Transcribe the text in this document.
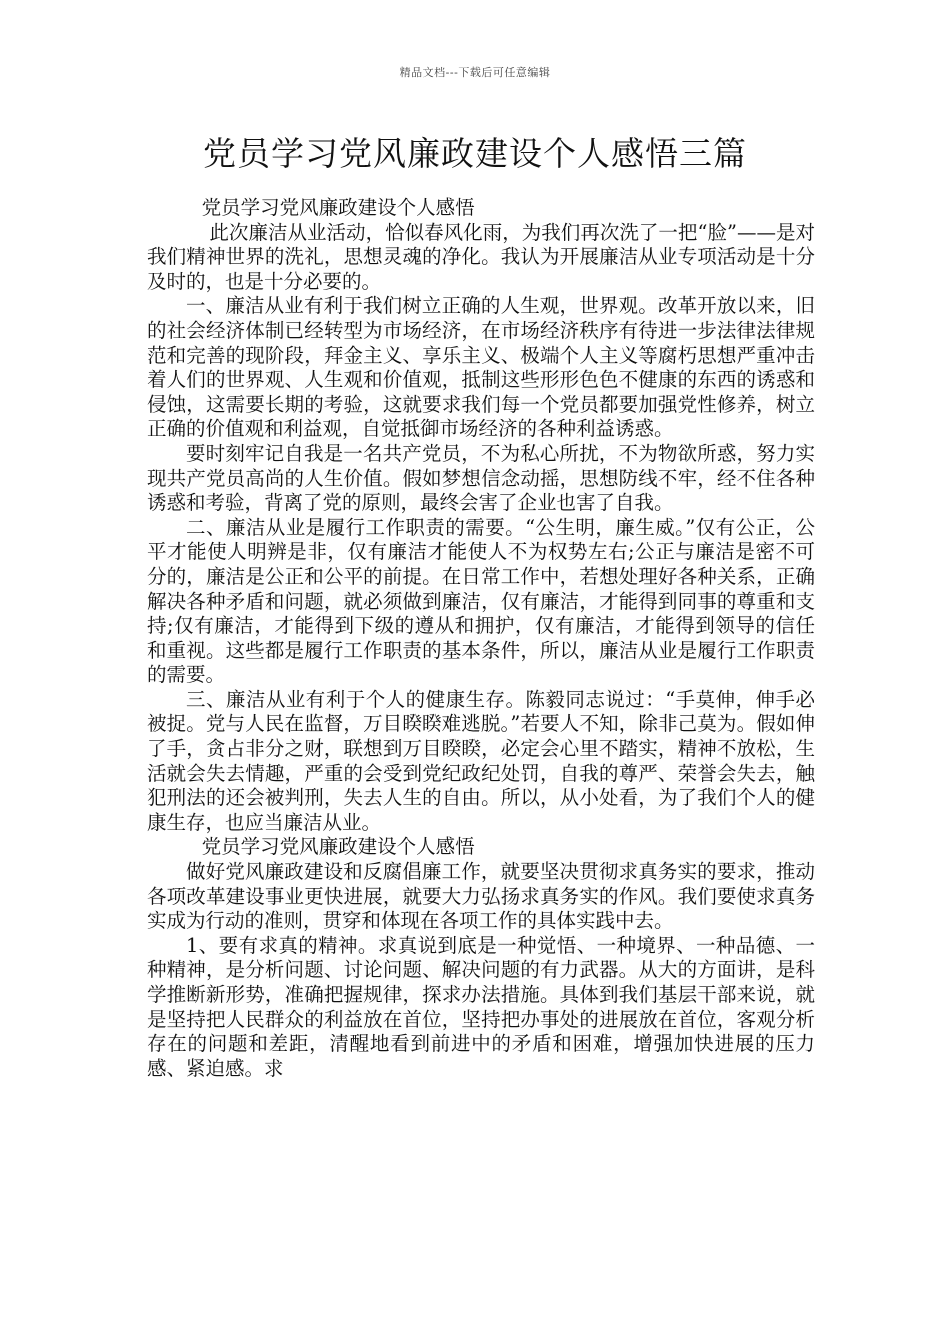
精品文档---下载后可任意编辑
党员学习党风廉政建设个人感悟三篇

党员学习党风廉政建设个人感悟

此次廉洁从业活动，恰似春风化雨，为我们再次洗了一把“脸”——是对我们精神世界的洗礼，思想灵魂的净化。我认为开展廉洁从业专项活动是十分及时的，也是十分必要的。

一、廉洁从业有利于我们树立正确的人生观，世界观。改革开放以来，旧的社会经济体制已经转型为市场经济，在市场经济秩序有待进一步法律法律规范和完善的现阶段，拜金主义、享乐主义、极端个人主义等腐朽思想严重冲击着人们的世界观、人生观和价值观，抵制这些形形色色不健康的东西的诱惑和侵蚀，这需要长期的考验，这就要求我们每一个党员都要加强党性修养，树立正确的价值观和利益观，自觉抵御市场经济的各种利益诱惑。

要时刻牢记自我是一名共产党员，不为私心所扰，不为物欲所惑，努力实现共产党员高尚的人生价值。假如梦想信念动摇，思想防线不牢，经不住各种诱惑和考验，背离了党的原则，最终会害了企业也害了自我。

二、廉洁从业是履行工作职责的需要。“公生明，廉生威。”仅有公正，公平才能使人明辨是非，仅有廉洁才能使人不为权势左右;公正与廉洁是密不可分的，廉洁是公正和公平的前提。在日常工作中，若想处理好各种关系，正确解决各种矛盾和问题，就必须做到廉洁，仅有廉洁，才能得到同事的尊重和支持;仅有廉洁，才能得到下级的遵从和拥护，仅有廉洁，才能得到领导的信任和重视。这些都是履行工作职责的基本条件，所以，廉洁从业是履行工作职责的需要。

三、廉洁从业有利于个人的健康生存。陈毅同志说过：“手莫伸，伸手必被捉。党与人民在监督，万目睽睽难逃脱。”若要人不知，除非己莫为。假如伸了手，贪占非分之财，联想到万目睽睽，必定会心里不踏实，精神不放松，生活就会失去情趣，严重的会受到党纪政纪处罚，自我的尊严、荣誉会失去，触犯刑法的还会被判刑，失去人生的自由。所以，从小处看，为了我们个人的健康生存，也应当廉洁从业。

党员学习党风廉政建设个人感悟

做好党风廉政建设和反腐倡廉工作，就要坚决贯彻求真务实的要求，推动各项改革建设事业更快进展，就要大力弘扬求真务实的作风。我们要使求真务实成为行动的准则，贯穿和体现在各项工作的具体实践中去。

1、要有求真的精神。求真说到底是一种觉悟、一种境界、一种品德、一种精神，是分析问题、讨论问题、解决问题的有力武器。从大的方面讲，是科学推断新形势，准确把握规律，探求办法措施。具体到我们基层干部来说，就是坚持把人民群众的利益放在首位，坚持把办事处的进展放在首位，客观分析存在的问题和差距，清醒地看到前进中的矛盾和困难，增强加快进展的压力感、紧迫感。求
